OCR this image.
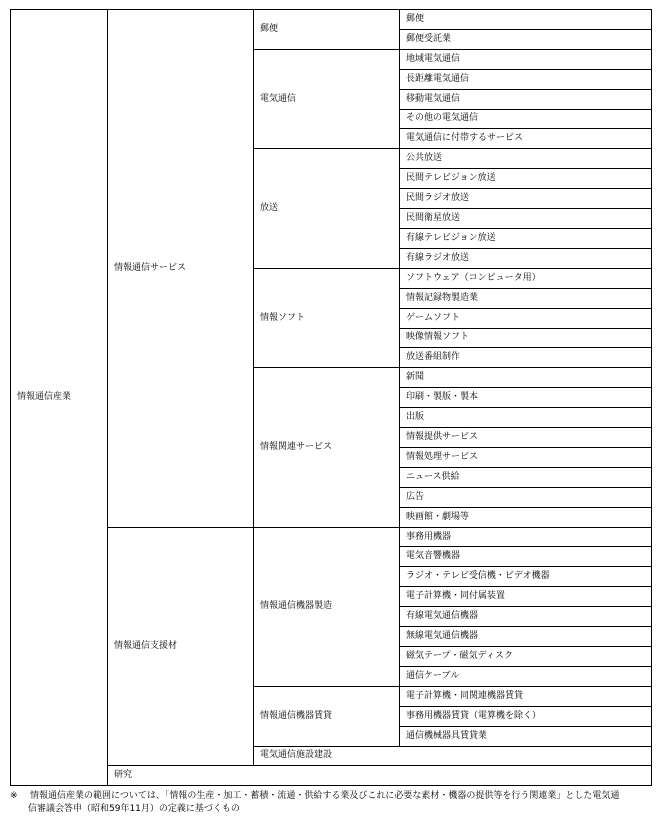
情報通信産業	情報通信サービス	郵便	郵便
			郵便受託業
		電気通信	地域電気通信
			長距離電気通信
			移動電気通信
			その他の電気通信
			電気通信に付帯するサービス
		放送	公共放送
			民間テレビジョン放送
			民間ラジオ放送
			民間衛星放送
			有線テレビジョン放送
			有線ラジオ放送
		情報ソフト	ソフトウェア（コンピュータ用）
			情報記録物製造業
			ゲームソフト
			映像情報ソフト
			放送番組制作
		情報関連サービス	新聞
			印刷・製版・製本
			出版
			情報提供サービス
			情報処理サービス
			ニュース供給
			広告
			映画館・劇場等
	情報通信支援材	情報通信機器製造	事務用機器
			電気音響機器
			ラジオ・テレビ受信機・ビデオ機器
			電子計算機・同付属装置
			有線電気通信機器
			無線電気通信機器
			磁気テープ・磁気ディスク
			通信ケーブル
		情報通信機器賃貸	電子計算機・同関連機器賃貸
			事務用機器賃貸（電算機を除く）
			通信機械器具賃貸業
		電気通信施設建設	
	研究		
※ 情報通信産業の範囲については、「情報の生産・加工・蓄積・流通・供給する業及びこれに必要な素材・機器の提供等を行う関連業」とした電気通
信審議会答申（昭和59年11月）の定義に基づくもの
